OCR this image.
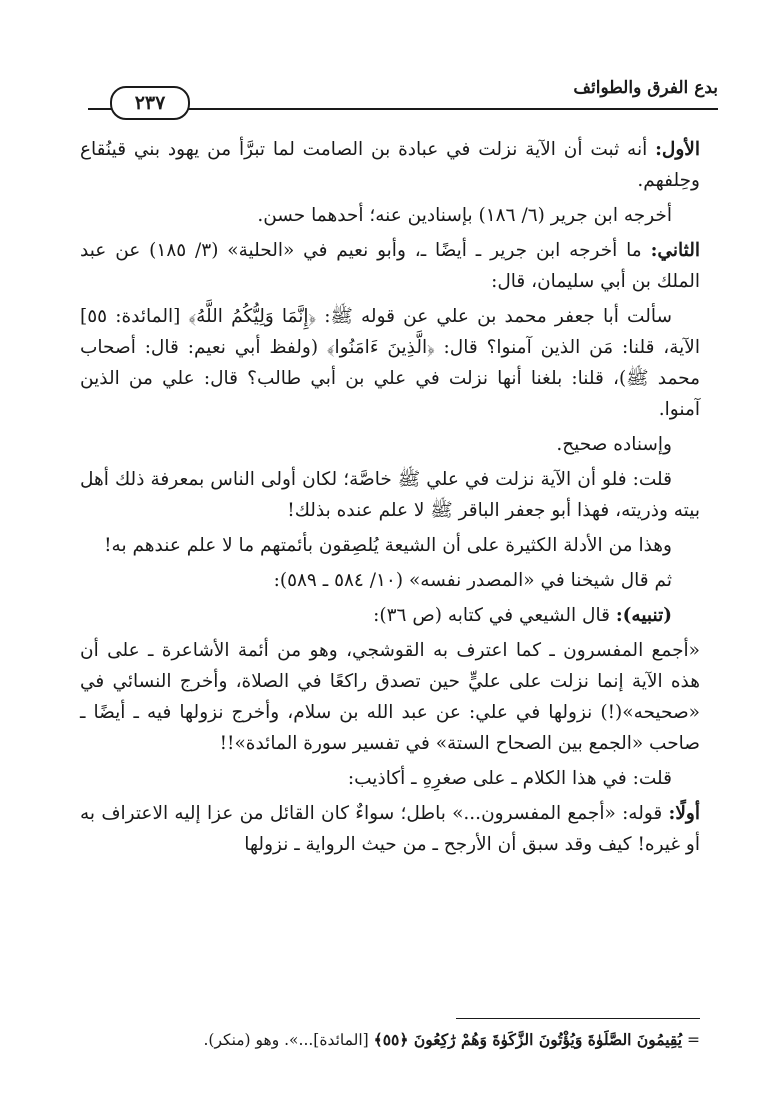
بدع الفرق والطوائف
٢٣٧

الأول: أنه ثبت أن الآية نزلت في عبادة بن الصامت لما تبرَّأ من يهود بني قينُقاع وحِلفهم.

أخرجه ابن جرير (٦/ ١٨٦) بإسنادين عنه؛ أحدهما حسن.

الثاني: ما أخرجه ابن جرير ـ أيضًا ـ، وأبو نعيم في «الحلية» (٣/ ١٨٥) عن عبد الملك بن أبي سليمان، قال:

سألت أبا جعفر محمد بن علي عن قوله ﷺ: ﴿إِنَّمَا وَلِيُّكُمُ اللَّهُ﴾ [المائدة: ٥٥] الآية، قلنا: مَن الذين آمنوا؟ قال: ﴿الَّذِينَ ءَامَنُوا﴾ (ولفظ أبي نعيم: قال: أصحاب محمد ﷺ)، قلنا: بلغنا أنها نزلت في علي بن أبي طالب؟ قال: علي من الذين آمنوا.

وإسناده صحيح.

قلت: فلو أن الآية نزلت في علي ﷺ خاصَّة؛ لكان أولى الناس بمعرفة ذلك أهل بيته وذريته، فهذا أبو جعفر الباقر ﷺ لا علم عنده بذلك!

وهذا من الأدلة الكثيرة على أن الشيعة يُلصِقون بأئمتهم ما لا علم عندهم به!

ثم قال شيخنا في «المصدر نفسه» (١٠/ ٥٨٤ ـ ٥٨٩):

(تنبيه): قال الشيعي في كتابه (ص ٣٦):

«أجمع المفسرون ـ كما اعترف به القوشجي، وهو من أئمة الأشاعرة ـ على أن هذه الآية إنما نزلت على عليٍّ حين تصدق راكعًا في الصلاة، وأخرج النسائي في «صحيحه»(!) نزولها في علي: عن عبد الله بن سلام، وأخرج نزولها فيه ـ أيضًا ـ صاحب «الجمع بين الصحاح الستة» في تفسير سورة المائدة»!!

قلت: في هذا الكلام ـ على صغرِهِ ـ أكاذيب:

أولًا: قوله: «أجمع المفسرون...» باطل؛ سواءٌ كان القائل من عزا إليه الاعتراف به أو غيره! كيف وقد سبق أن الأرجح ـ من حيث الرواية ـ نزولها

= يُقِيمُونَ الصَّلَوٰةَ وَيُؤْتُونَ الزَّكَوٰةَ وَهُمْ رَٰكِعُونَ ﴿٥٥﴾ [المائدة]...». وهو (منكر).
